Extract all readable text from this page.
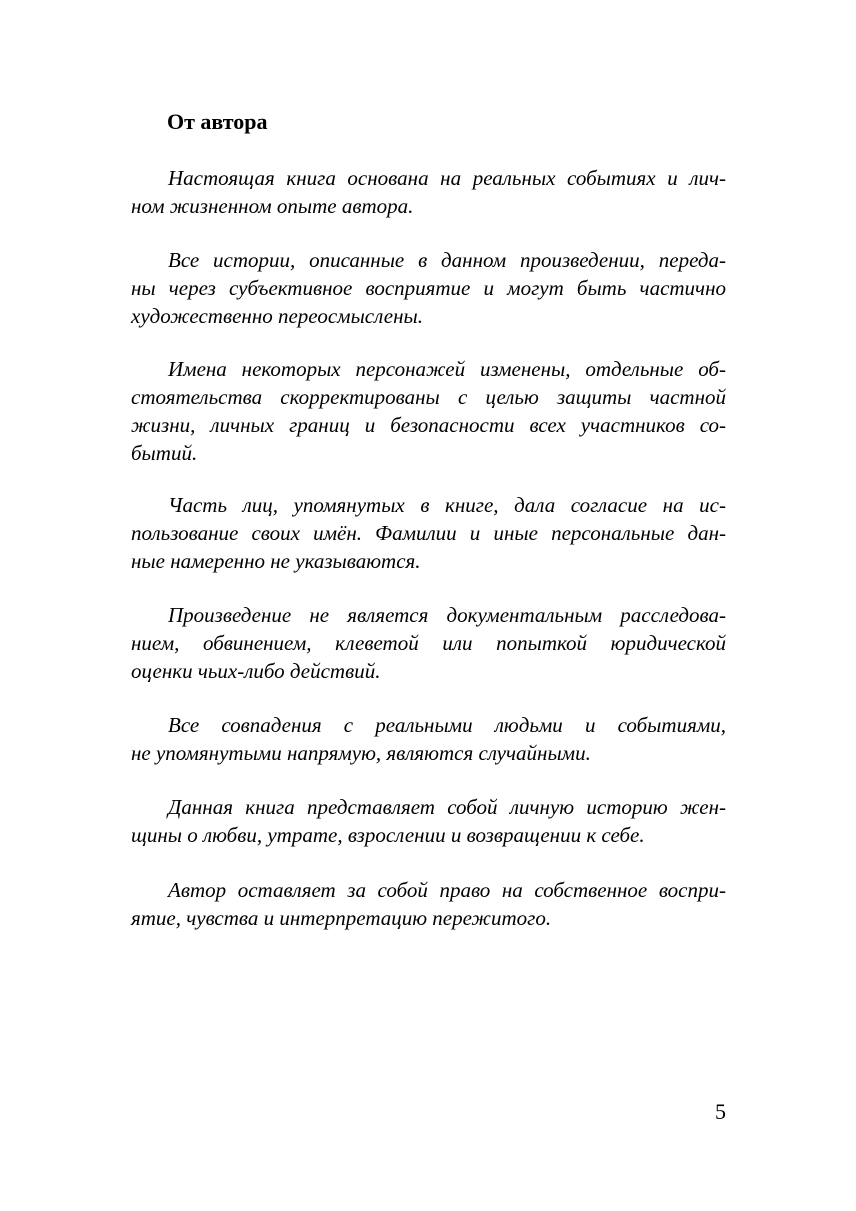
От автора
Настоящая книга основана на реальных событиях и лич-
ном жизненном опыте автора.
Все истории, описанные в данном произведении, переда-
ны через субъективное восприятие и могут быть частично
художественно переосмыслены.
Имена некоторых персонажей изменены, отдельные об-
стоятельства скорректированы с целью защиты частной
жизни, личных границ и безопасности всех участников со-
бытий.
Часть лиц, упомянутых в книге, дала согласие на ис-
пользование своих имён. Фамилии и иные персональные дан-
ные намеренно не указываются.
Произведение не является документальным расследова-
нием, обвинением, клеветой или попыткой юридической
оценки чьих-либо действий.
Все совпадения с реальными людьми и событиями,
не упомянутыми напрямую, являются случайными.
Данная книга представляет собой личную историю жен-
щины о любви, утрате, взрослении и возвращении к себе.
Автор оставляет за собой право на собственное воспри-
ятие, чувства и интерпретацию пережитого.
5
